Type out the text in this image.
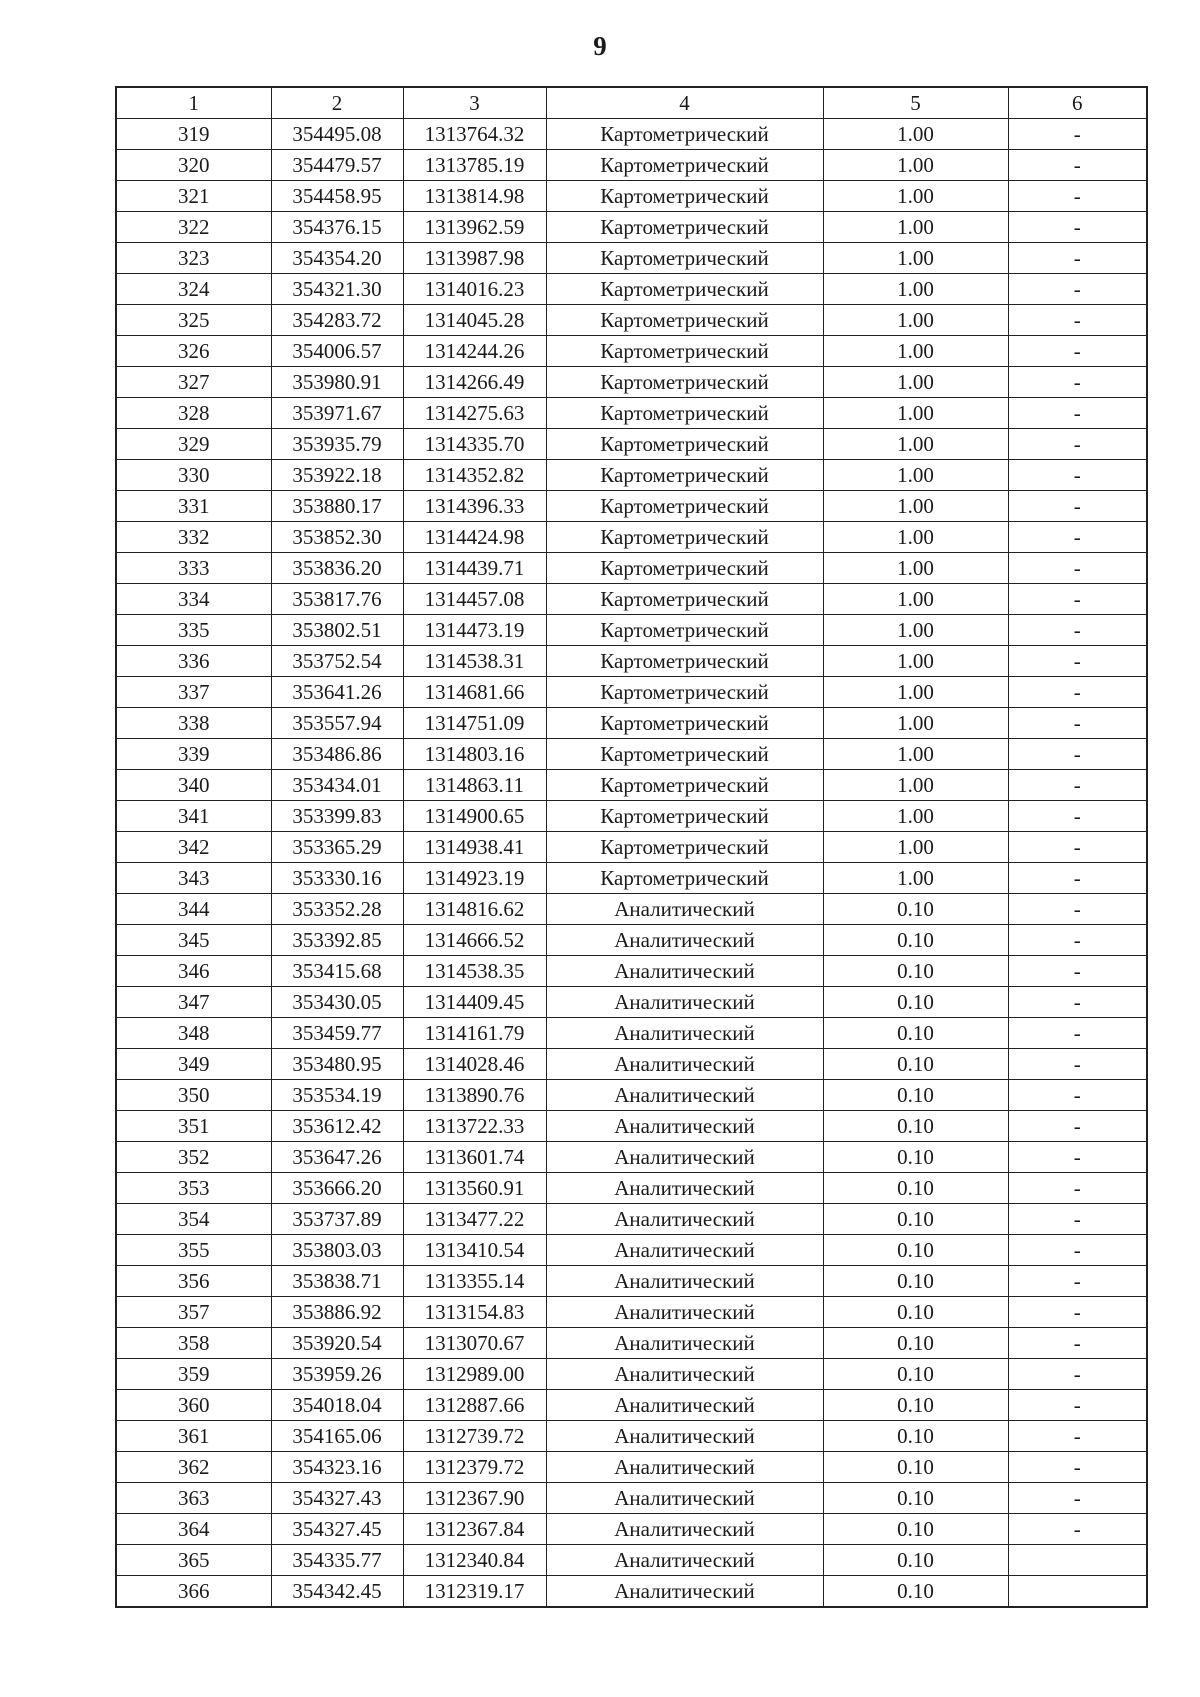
9
1	2	3	4	5	6
319	354495.08	1313764.32	Картометрический	1.00	-
320	354479.57	1313785.19	Картометрический	1.00	-
321	354458.95	1313814.98	Картометрический	1.00	-
322	354376.15	1313962.59	Картометрический	1.00	-
323	354354.20	1313987.98	Картометрический	1.00	-
324	354321.30	1314016.23	Картометрический	1.00	-
325	354283.72	1314045.28	Картометрический	1.00	-
326	354006.57	1314244.26	Картометрический	1.00	-
327	353980.91	1314266.49	Картометрический	1.00	-
328	353971.67	1314275.63	Картометрический	1.00	-
329	353935.79	1314335.70	Картометрический	1.00	-
330	353922.18	1314352.82	Картометрический	1.00	-
331	353880.17	1314396.33	Картометрический	1.00	-
332	353852.30	1314424.98	Картометрический	1.00	-
333	353836.20	1314439.71	Картометрический	1.00	-
334	353817.76	1314457.08	Картометрический	1.00	-
335	353802.51	1314473.19	Картометрический	1.00	-
336	353752.54	1314538.31	Картометрический	1.00	-
337	353641.26	1314681.66	Картометрический	1.00	-
338	353557.94	1314751.09	Картометрический	1.00	-
339	353486.86	1314803.16	Картометрический	1.00	-
340	353434.01	1314863.11	Картометрический	1.00	-
341	353399.83	1314900.65	Картометрический	1.00	-
342	353365.29	1314938.41	Картометрический	1.00	-
343	353330.16	1314923.19	Картометрический	1.00	-
344	353352.28	1314816.62	Аналитический	0.10	-
345	353392.85	1314666.52	Аналитический	0.10	-
346	353415.68	1314538.35	Аналитический	0.10	-
347	353430.05	1314409.45	Аналитический	0.10	-
348	353459.77	1314161.79	Аналитический	0.10	-
349	353480.95	1314028.46	Аналитический	0.10	-
350	353534.19	1313890.76	Аналитический	0.10	-
351	353612.42	1313722.33	Аналитический	0.10	-
352	353647.26	1313601.74	Аналитический	0.10	-
353	353666.20	1313560.91	Аналитический	0.10	-
354	353737.89	1313477.22	Аналитический	0.10	-
355	353803.03	1313410.54	Аналитический	0.10	-
356	353838.71	1313355.14	Аналитический	0.10	-
357	353886.92	1313154.83	Аналитический	0.10	-
358	353920.54	1313070.67	Аналитический	0.10	-
359	353959.26	1312989.00	Аналитический	0.10	-
360	354018.04	1312887.66	Аналитический	0.10	-
361	354165.06	1312739.72	Аналитический	0.10	-
362	354323.16	1312379.72	Аналитический	0.10	-
363	354327.43	1312367.90	Аналитический	0.10	-
364	354327.45	1312367.84	Аналитический	0.10	-
365	354335.77	1312340.84	Аналитический	0.10	
366	354342.45	1312319.17	Аналитический	0.10	
